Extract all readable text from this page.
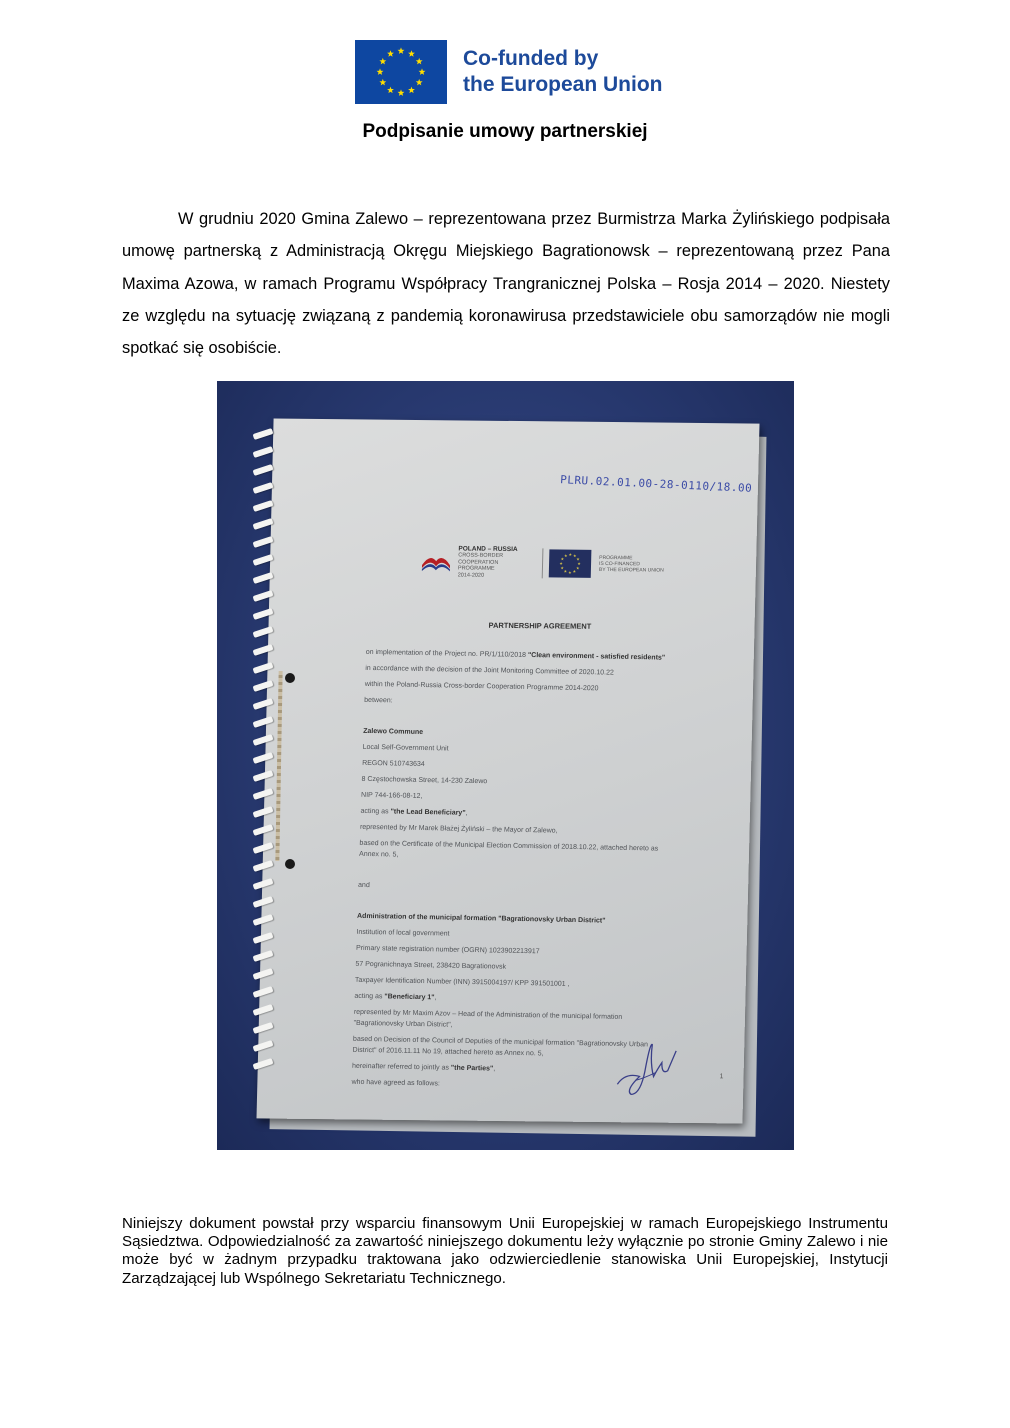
Co-funded by
the European Union
Podpisanie umowy partnerskiej

W grudniu 2020 Gmina Zalewo – reprezentowana przez Burmistrza Marka Żylińskiego podpisała umowę partnerską z Administracją Okręgu Miejskiego Bagrationowsk – reprezentowaną przez Pana Maxima Azowa, w ramach Programu Współpracy Trangranicznej Polska – Rosja 2014 – 2020. Niestety ze względu na sytuację związaną z pandemią koronawirusa przedstawiciele obu samorządów nie mogli spotkać się osobiście.

PLRU.02.01.00-28-0110/18.00
POLAND – RUSSIA
CROSS-BORDER
COOPERATION PROGRAMME
2014-2020
PROGRAMME
IS CO-FINANCED
BY THE EUROPEAN UNION
PARTNERSHIP AGREEMENT
on implementation of the Project no. PR/1/110/2018 "Clean environment - satisfied residents"
in accordance with the decision of the Joint Monitoring Committee of 2020.10.22
within the Poland-Russia Cross-border Cooperation Programme 2014-2020
between:
Zalewo Commune
Local Self-Government Unit
REGON 510743634
8 Częstochowska Street, 14-230 Zalewo
NIP 744-166-08-12,
acting as "the Lead Beneficiary",
represented by Mr Marek Błażej Żyliński – the Mayor of Zalewo,
based on the Certificate of the Municipal Election Commission of 2018.10.22, attached hereto as
Annex no. 5,
and
Administration of the municipal formation "Bagrationovsky Urban District"
Institution of local government
Primary state registration number (OGRN) 1023902213917
57 Pogranichnaya Street, 238420 Bagrationovsk
Taxpayer Identification Number (INN) 3915004197/ KPP 391501001 ,
acting as "Beneficiary 1",
represented by Mr Maxim Azov – Head of the Administration of the municipal formation
"Bagrationovsky Urban District",
based on Decision of the Council of Deputies of the municipal formation "Bagrationovsky Urban
District" of 2016.11.11 No 19, attached hereto as Annex no. 5,
hereinafter referred to jointly as "the Parties",
who have agreed as follows:
1

Niniejszy dokument powstał przy wsparciu finansowym Unii Europejskiej w ramach Europejskiego Instrumentu Sąsiedztwa. Odpowiedzialność za zawartość niniejszego dokumentu leży wyłącznie po stronie Gminy Zalewo i nie może być w żadnym przypadku traktowana jako odzwierciedlenie stanowiska Unii Europejskiej, Instytucji Zarządzającej lub Wspólnego Sekretariatu Technicznego.
